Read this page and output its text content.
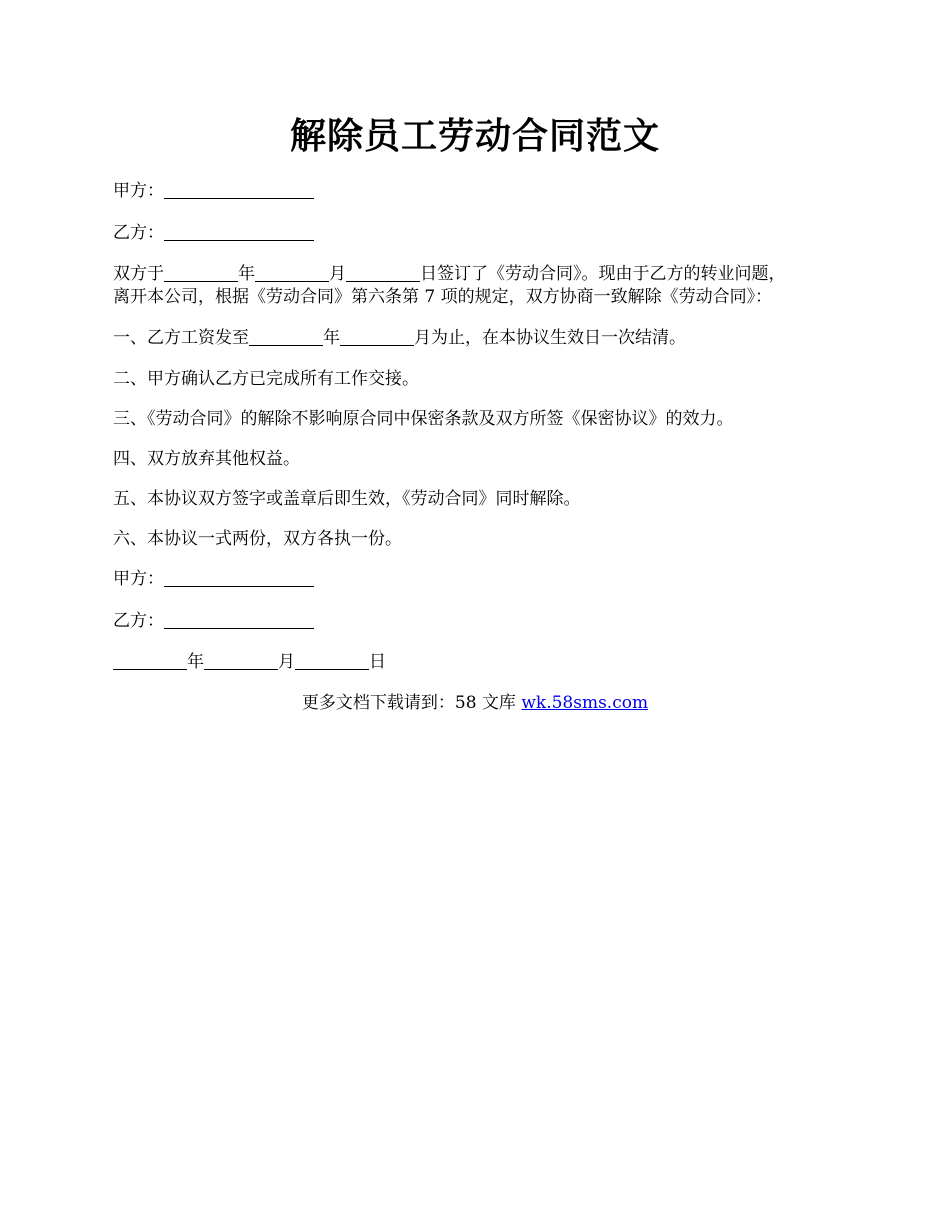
解除员工劳动合同范文
甲方：
乙方：
双方于	年	月	日签订了《劳动合同》。现由于乙方的转业问题，
离开本公司，根据《劳动合同》第六条第 7 项的规定，双方协商一致解除《劳动合同》：
一、乙方工资发至	年	月为止，在本协议生效日一次结清。
二、甲方确认乙方已完成所有工作交接。
三、《劳动合同》的解除不影响原合同中保密条款及双方所签《保密协议》的效力。
四、双方放弃其他权益。
五、本协议双方签字或盖章后即生效，《劳动合同》同时解除。
六、本协议一式两份，双方各执一份。
甲方：
乙方：
年	月	日
更多文档下载请到：58 文库 wk.58sms.com
